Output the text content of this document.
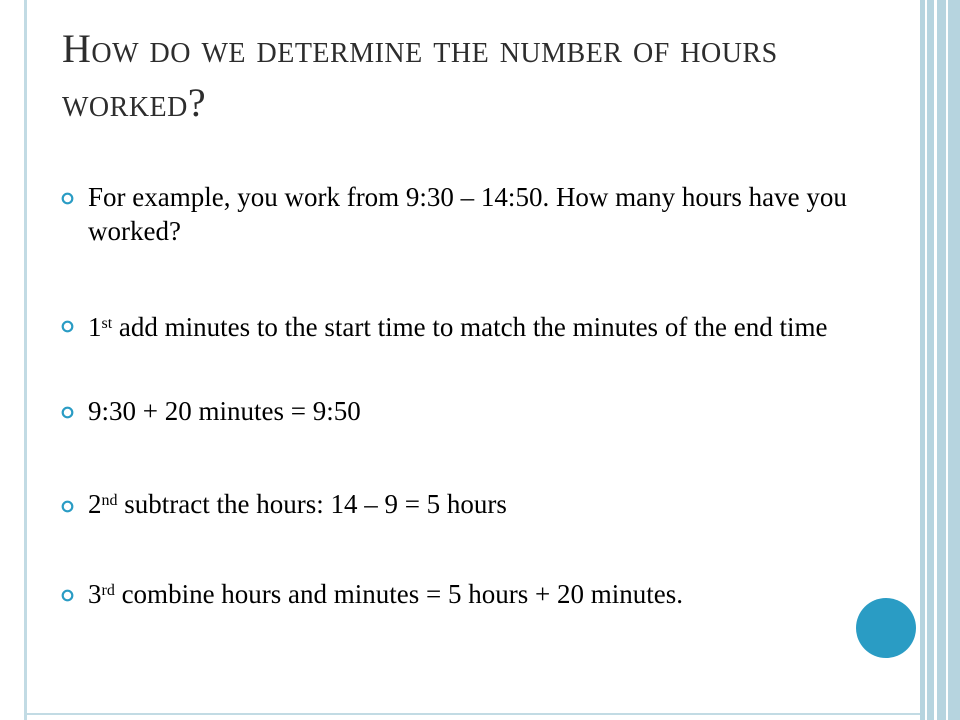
How do we determine the number of hours worked?
For example, you work from 9:30 – 14:50. How many hours have you worked?
1st add minutes to the start time to match the minutes of the end time
9:30 + 20 minutes = 9:50
2nd subtract the hours: 14 – 9 = 5 hours
3rd combine hours and minutes = 5 hours + 20 minutes.
